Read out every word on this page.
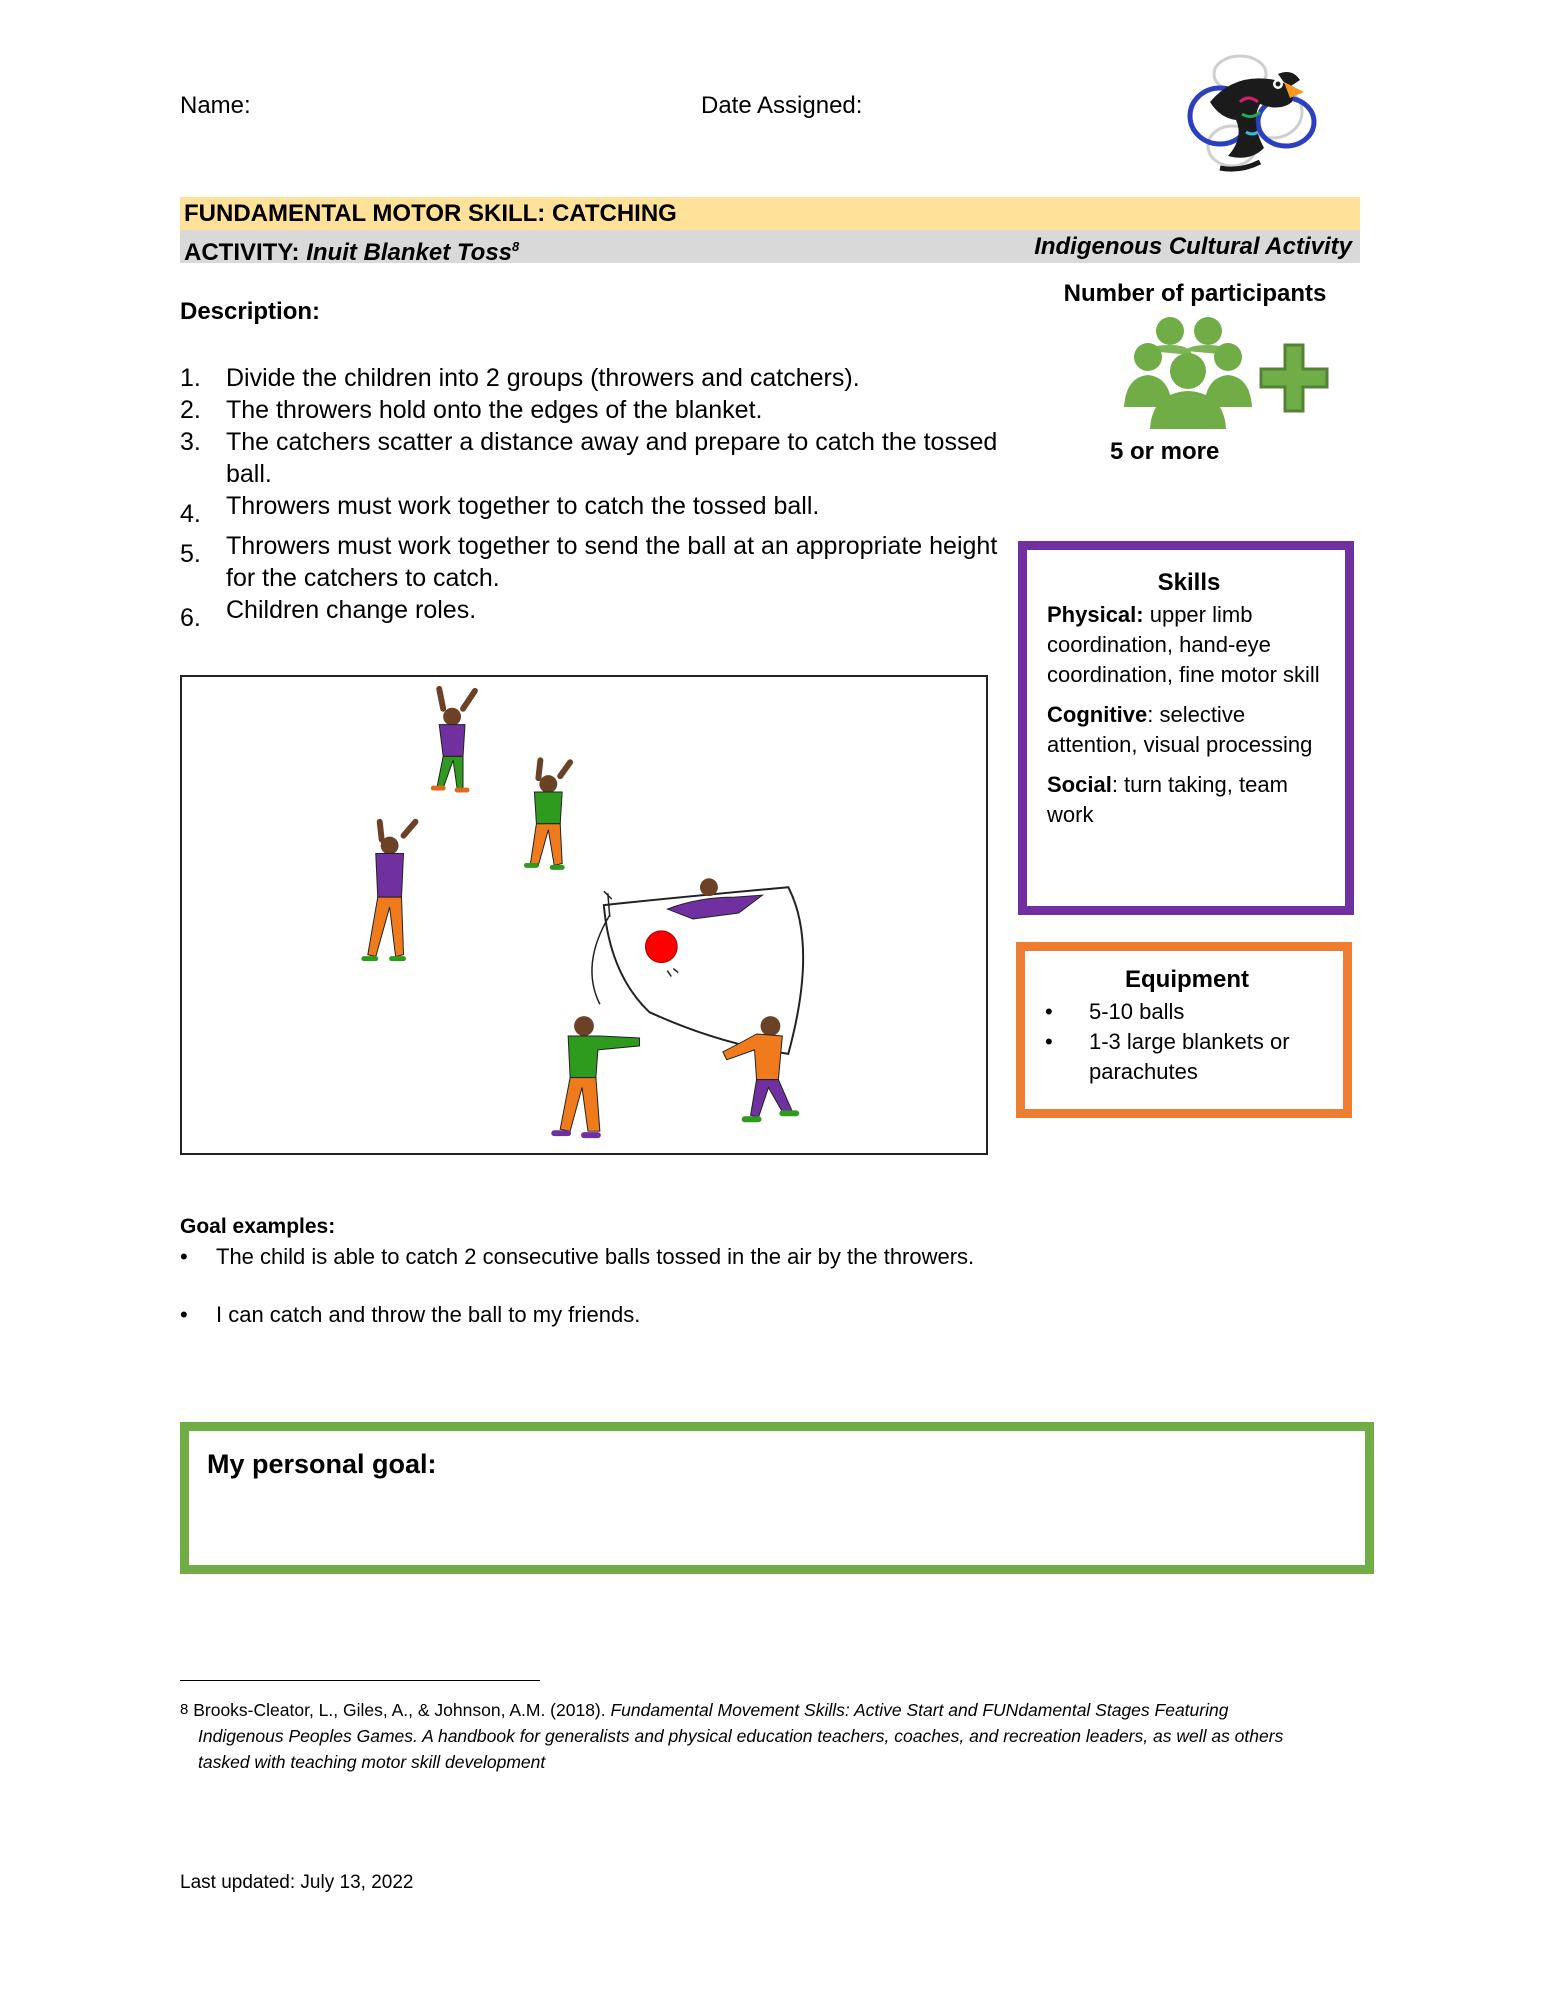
Name:	Date Assigned:
FUNDAMENTAL MOTOR SKILL: CATCHING
ACTIVITY: Inuit Blanket Toss$^8$	Indigenous Cultural Activity
Description:
1.	Divide the children into 2 groups (throwers and catchers).
2.	The throwers hold onto the edges of the blanket.
3.	The catchers scatter a distance away and prepare to catch the tossed ball.
4.	Throwers must work together to catch the tossed ball.
5.	Throwers must work together to send the ball at an appropriate height for the catchers to catch.
6.	Children change roles.
Number of participants
5 or more
Skills

Physical: upper limb coordination, hand-eye coordination, fine motor skill

Cognitive: selective attention, visual processing

Social: turn taking, team work

Equipment
•	5-10 balls
•	1-3 large blankets or parachutes
Goal examples:
•	The child is able to catch 2 consecutive balls tossed in the air by the throwers.
•	I can catch and throw the ball to my friends.
My personal goal:
8 Brooks-Cleator, L., Giles, A., & Johnson, A.M. (2018). Fundamental Movement Skills: Active Start and FUNdamental Stages Featuring
Indigenous Peoples Games. A handbook for generalists and physical education teachers, coaches, and recreation leaders, as well as others
tasked with teaching motor skill development
Last updated: July 13, 2022
